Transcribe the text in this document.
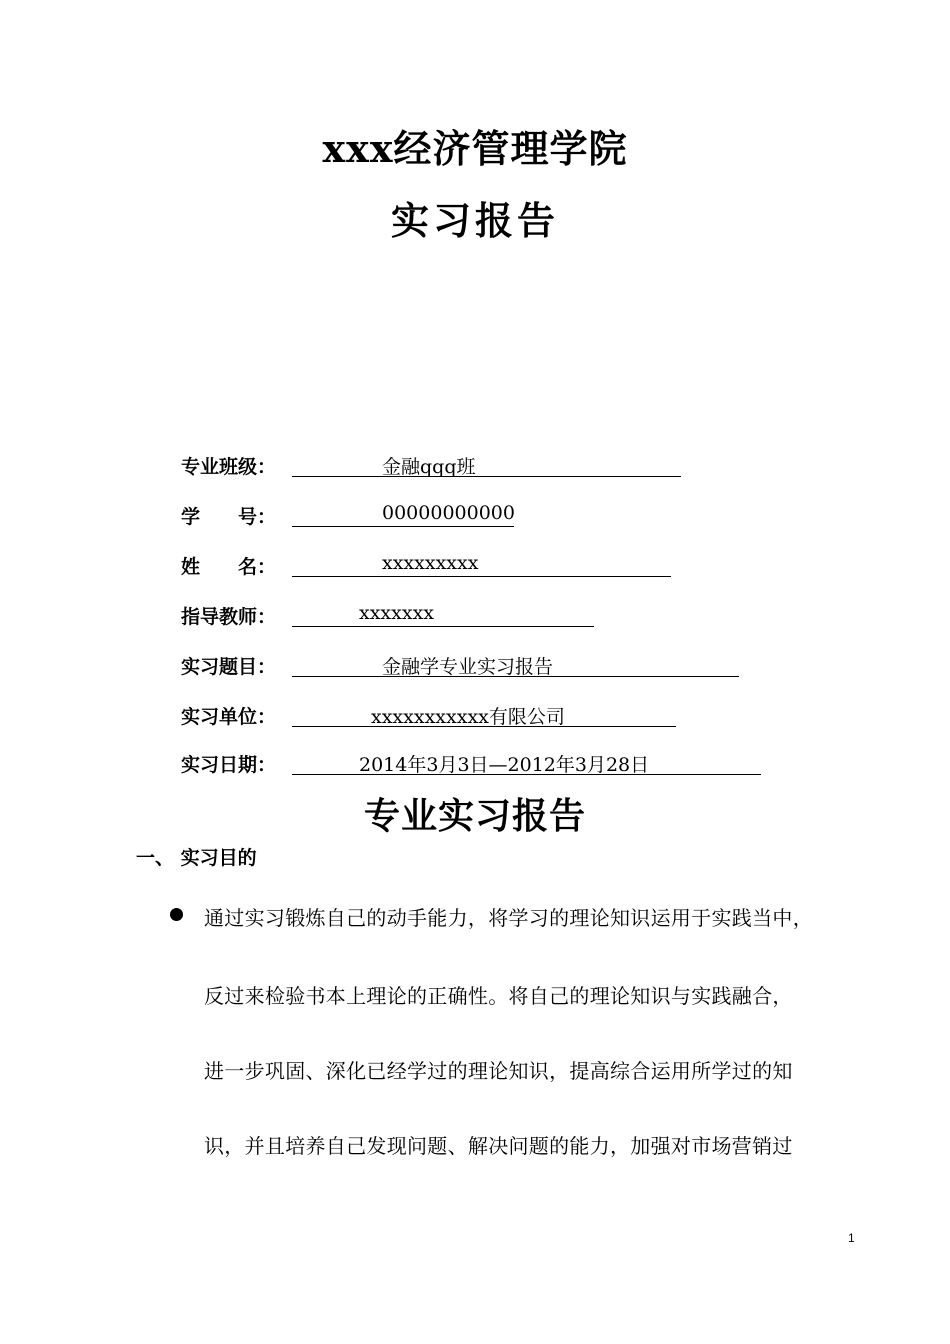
xxx经济管理学院
实习报告
专业班级：	金融qqq班
学　　号：	00000000000
姓　　名：	xxxxxxxxx
指导教师：	xxxxxxx
实习题目：	金融学专业实习报告
实习单位：	xxxxxxxxxxx有限公司
实习日期：	2014年3月3日—2012年3月28日
专业实习报告
一、 实习目的
通过实习锻炼自己的动手能力，将学习的理论知识运用于实践当中，
反过来检验书本上理论的正确性。将自己的理论知识与实践融合，
进一步巩固、深化已经学过的理论知识，提高综合运用所学过的知
识，并且培养自己发现问题、解决问题的能力，加强对市场营销过
1
